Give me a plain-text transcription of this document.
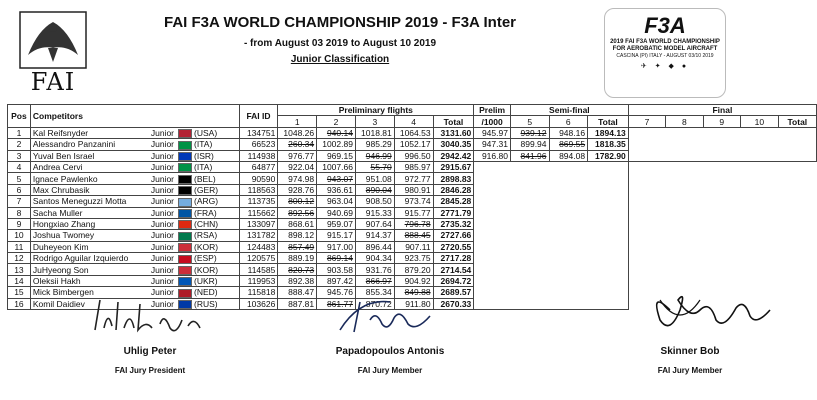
FAI
FAI F3A WORLD CHAMPIONSHIP 2019 - F3A Inter
- from August 03 2019 to August 10 2019
Junior Classification
F3A
2019 FAI F3A WORLD CHAMPIONSHIP
FOR AEROBATIC MODEL AIRCRAFT
CASCINA (PI) ITALY - AUGUST 03/10 2019
✈ ✦ ◆ ●
Pos	Competitors	FAI ID	Preliminary flights					Prelim	Semi-final			Final				
			1	2	3	4	Total	/1000	5	6	Total	7	8	9	10	Total
1	Kal Reifsnyder Junior (USA)	134751	1048.26	940.14	1018.81	1064.53	3131.60	945.97	939.12	948.16	1894.13					
2	Alessandro Panzanini Junior (ITA)	66523	260.34	1002.89	985.29	1052.17	3040.35	947.31	899.94	869.55	1818.35					
3	Yuval Ben Israel Junior (ISR)	114938	976.77	969.15	946.99	996.50	2942.42	916.80	841.96	894.08	1782.90					
4	Andrea Cervi Junior (ITA)	64877	922.04	1007.66	55.70	985.97	2915.67									
5	Ignace Pawlenko Junior (BEL)	90590	974.98	943.07	951.08	972.77	2898.83									
6	Max Chrubasik Junior (GER)	118563	928.76	936.61	890.04	980.91	2846.28									
7	Santos Meneguzzi Motta Junior (ARG)	113735	800.12	963.04	908.50	973.74	2845.28									
8	Sacha Muller Junior (FRA)	115662	892.56	940.69	915.33	915.77	2771.79									
9	Hongxiao Zhang Junior (CHN)	133097	868.61	959.07	907.64	796.78	2735.32									
10	Joshua Twomey Junior (RSA)	131782	898.12	915.17	914.37	888.45	2727.66									
11	Duheyeon Kim Junior (KOR)	124483	857.49	917.00	896.44	907.11	2720.55									
12	Rodrigo Aguilar Izquierdo Junior (ESP)	120575	889.19	869.14	904.34	923.75	2717.28									
13	JuHyeong Son Junior (KOR)	114585	820.73	903.58	931.76	879.20	2714.54									
14	Oleksii Hakh Junior (UKR)	119953	892.38	897.42	866.97	904.92	2694.72									
15	Mick Bimbergen Junior (NED)	115818	888.47	945.76	855.34	849.88	2689.57									
16	Komil Daidiev Junior (RUS)	103626	887.81	861.77	870.72	911.80	2670.33									
Uhlig Peter
FAI Jury President
Papadopoulos Antonis
FAI Jury Member
Skinner Bob
FAI Jury Member
